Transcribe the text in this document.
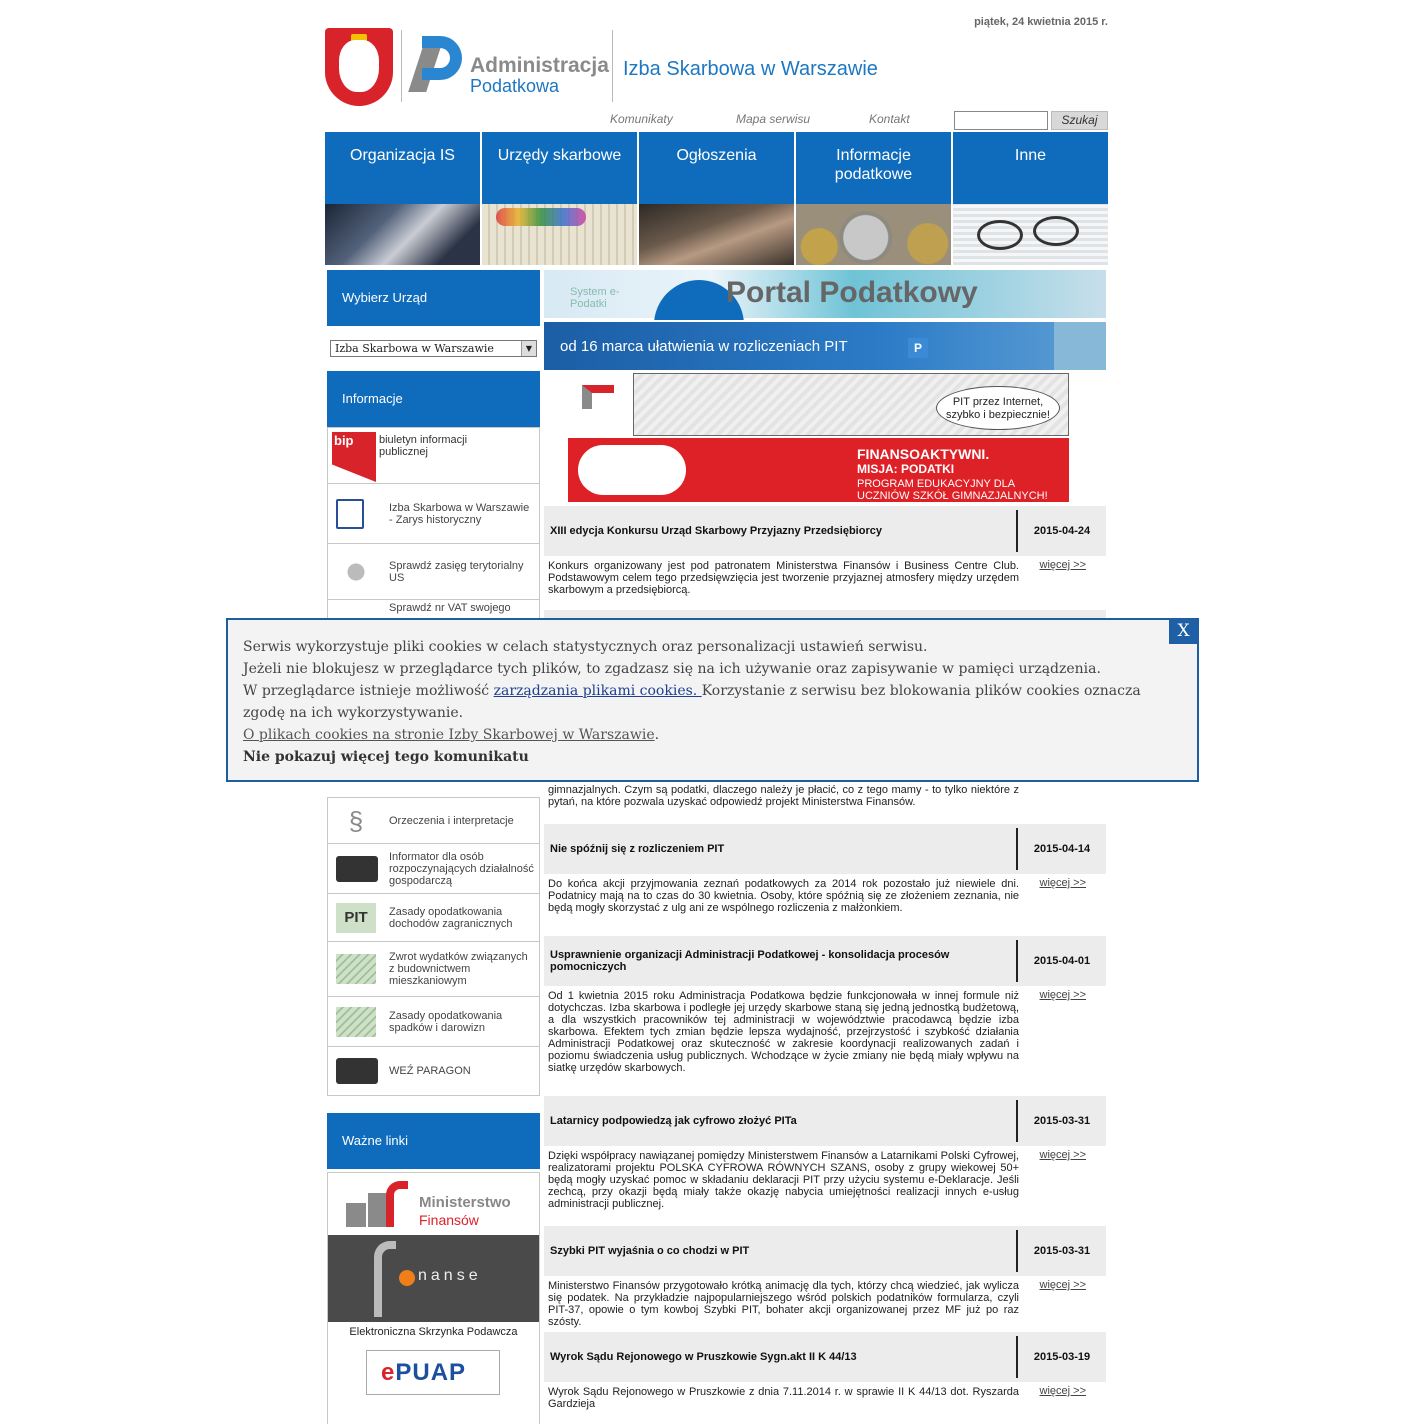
piątek, 24 kwietnia 2015 r.
Administracja
Podatkowa
Izba Skarbowa w Warszawie
Komunikaty	Mapa serwisu	Kontakt	Szukaj
Organizacja IS	Urzędy skarbowe	Ogłoszenia	Informacje podatkowe
Inne
Wybierz Urząd
Izba Skarbowa w Warszawie	▼
Informacje
bip biuletyn informacji publicznej
Izba Skarbowa w Warszawie - Zarys historyczny
Sprawdź zasięg terytorialny US
Sprawdź nr VAT swojego
§	Orzeczenia i interpretacje
Informator dla osób rozpoczynających działalność gospodarczą
PIT	Zasady opodatkowania dochodów zagranicznych
Zwrot wydatków związanych z budownictwem mieszkaniowym
Zasady opodatkowania spadków i darowizn
WEŹ PARAGON
Ważne linki
Ministerstwo
Finansów
nanse
Elektroniczna Skrzynka Podawcza
ePUAP
System e-Podatki	Portal Podatkowy
od 16 marca ułatwienia w rozliczeniach PIT	P
PIT przez Internet, szybko i bezpiecznie!
FINANSOAKTYWNI.
MISJA: PODATKI
PROGRAM EDUKACYJNY DLA UCZNIÓW SZKÓŁ GIMNAZJALNYCH!
XIII edycja Konkursu Urząd Skarbowy Przyjazny Przedsiębiorcy	2015-04-24
Konkurs organizowany jest pod patronatem Ministerstwa Finansów i Business Centre Club. Podstawowym celem tego przedsięwzięcia jest tworzenie przyjaznej atmosfery między urzędem skarbowym a przedsiębiorcą.
więcej >>
gimnazjalnych. Czym są podatki, dlaczego należy je płacić, co z tego mamy - to tylko niektóre z pytań, na które pozwala uzyskać odpowiedź projekt Ministerstwa Finansów.
Nie spóźnij się z rozliczeniem PIT	2015-04-14
Do końca akcji przyjmowania zeznań podatkowych za 2014 rok pozostało już niewiele dni. Podatnicy mają na to czas do 30 kwietnia. Osoby, które spóźnią się ze złożeniem zeznania, nie będą mogły skorzystać z ulg ani ze wspólnego rozliczenia z małżonkiem.
więcej >>
Usprawnienie organizacji Administracji Podatkowej - konsolidacja procesów pomocniczych	2015-04-01
Od 1 kwietnia 2015 roku Administracja Podatkowa będzie funkcjonowała w innej formule niż dotychczas. Izba skarbowa i podległe jej urzędy skarbowe staną się jedną jednostką budżetową, a dla wszystkich pracowników tej administracji w województwie pracodawcą będzie izba skarbowa. Efektem tych zmian będzie lepsza wydajność, przejrzystość i szybkość działania Administracji Podatkowej oraz skuteczność w zakresie koordynacji realizowanych zadań i poziomu świadczenia usług publicznych. Wchodzące w życie zmiany nie będą miały wpływu na siatkę urzędów skarbowych.
więcej >>
Latarnicy podpowiedzą jak cyfrowo złożyć PITa	2015-03-31
Dzięki współpracy nawiązanej pomiędzy Ministerstwem Finansów a Latarnikami Polski Cyfrowej, realizatorami projektu POLSKA CYFROWA RÓWNYCH SZANS, osoby z grupy wiekowej 50+ będą mogły uzyskać pomoc w składaniu deklaracji PIT przy użyciu systemu e-Deklaracje. Jeśli zechcą, przy okazji będą miały także okazję nabycia umiejętności realizacji innych e-usług administracji publicznej.
więcej >>
Szybki PIT wyjaśnia o co chodzi w PIT	2015-03-31
Ministerstwo Finansów przygotowało krótką animację dla tych, którzy chcą wiedzieć, jak wylicza się podatek. Na przykładzie najpopularniejszego wśród polskich podatników formularza, czyli PIT-37, opowie o tym kowboj Szybki PIT, bohater akcji organizowanej przez MF już po raz szósty.
więcej >>
Wyrok Sądu Rejonowego w Pruszkowie Sygn.akt II K 44/13	2015-03-19
Wyrok Sądu Rejonowego w Pruszkowie z dnia 7.11.2014 r. w sprawie II K 44/13 dot. Ryszarda Gardzieja
więcej >>
X
Serwis wykorzystuje pliki cookies w celach statystycznych oraz personalizacji ustawień serwisu.
Jeżeli nie blokujesz w przeglądarce tych plików, to zgadzasz się na ich używanie oraz zapisywanie w pamięci urządzenia.
W przeglądarce istnieje możliwość zarządzania plikami cookies. Korzystanie z serwisu bez blokowania plików cookies oznacza zgodę na ich wykorzystywanie.
O plikach cookies na stronie Izby Skarbowej w Warszawie.
Nie pokazuj więcej tego komunikatu
